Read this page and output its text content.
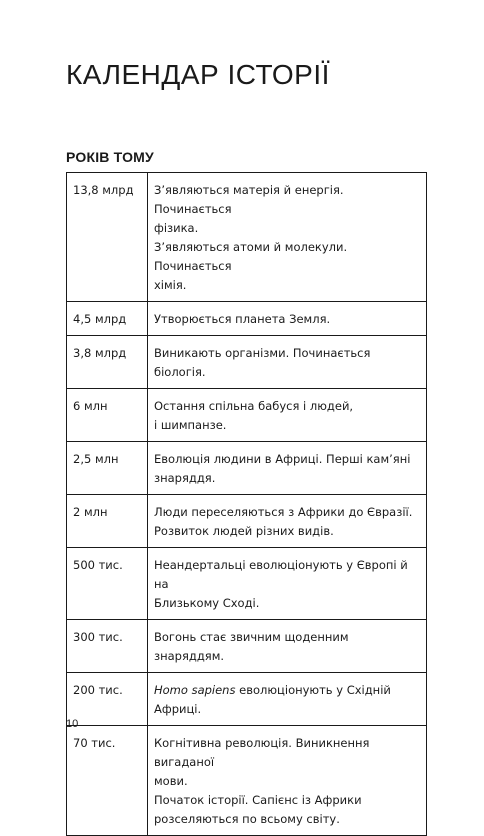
КАЛЕНДАР ІСТОРІЇ
РОКІВ ТОМУ
13,8 млрд	З’являються матерія й енергія. Починається
фізика.
З’являються атоми й молекули. Починається
хімія.

4,5 млрд	Утворюється планета Земля.

3,8 млрд	Виникають організми. Починається біологія.

6 млн	Остання спільна бабуся і людей,
і шимпанзе.

2,5 млн	Еволюція людини в Африці. Перші кам’яні
знаряддя.

2 млн	Люди переселяються з Африки до Євразії.
Розвиток людей різних видів.

500 тис.	Неандертальці еволюціонують у Європі й на
Близькому Сході.

300 тис.	Вогонь стає звичним щоденним знаряддям.

200 тис.	Homo sapiens еволюціонують у Східній
Африці.

70 тис.	Когнітивна революція. Виникнення вигаданої
мови.
Початок історії. Сапієнс із Африки
розселяються по всьому світу.
10
